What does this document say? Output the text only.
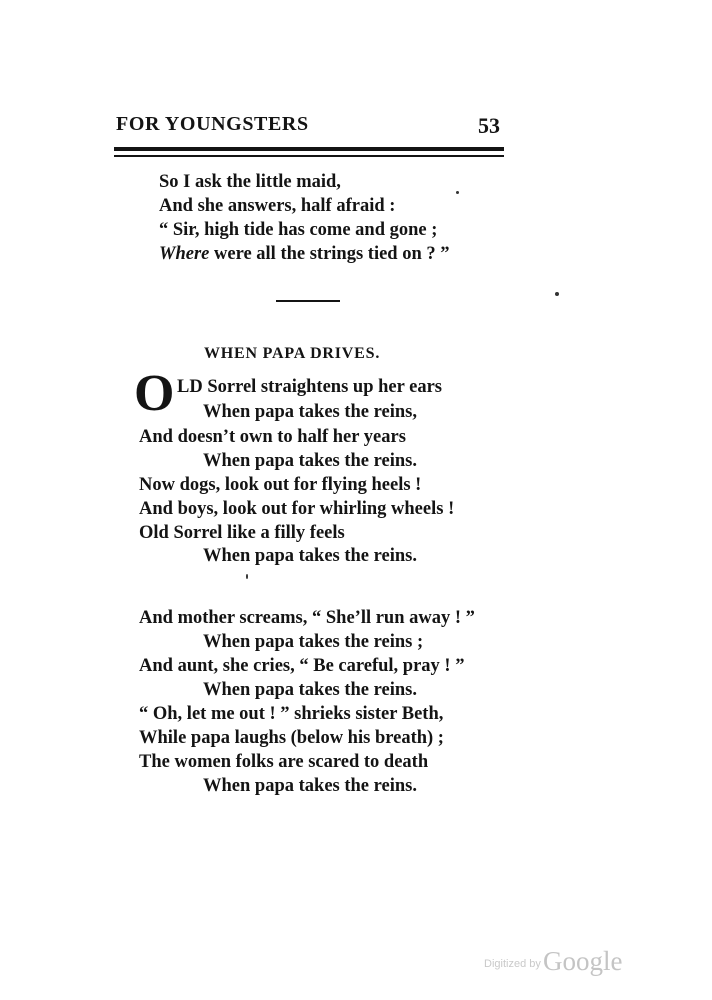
FOR YOUNGSTERS	53
So I ask the little maid,
And she answers, half afraid :
“ Sir, high tide has come and gone ;
Where were all the strings tied on ? ”
WHEN PAPA DRIVES.
O LD Sorrel straightens up her ears
When papa takes the reins,
And doesn’t own to half her years
When papa takes the reins.
Now dogs, look out for flying heels !
And boys, look out for whirling wheels !
Old Sorrel like a filly feels
When papa takes the reins.
And mother screams, “ She’ll run away ! ”
When papa takes the reins ;
And aunt, she cries, “ Be careful, pray ! ”
When papa takes the reins.
“ Oh, let me out ! ” shrieks sister Beth,
While papa laughs (below his breath) ;
The women folks are scared to death
When papa takes the reins.
Digitized by Google
